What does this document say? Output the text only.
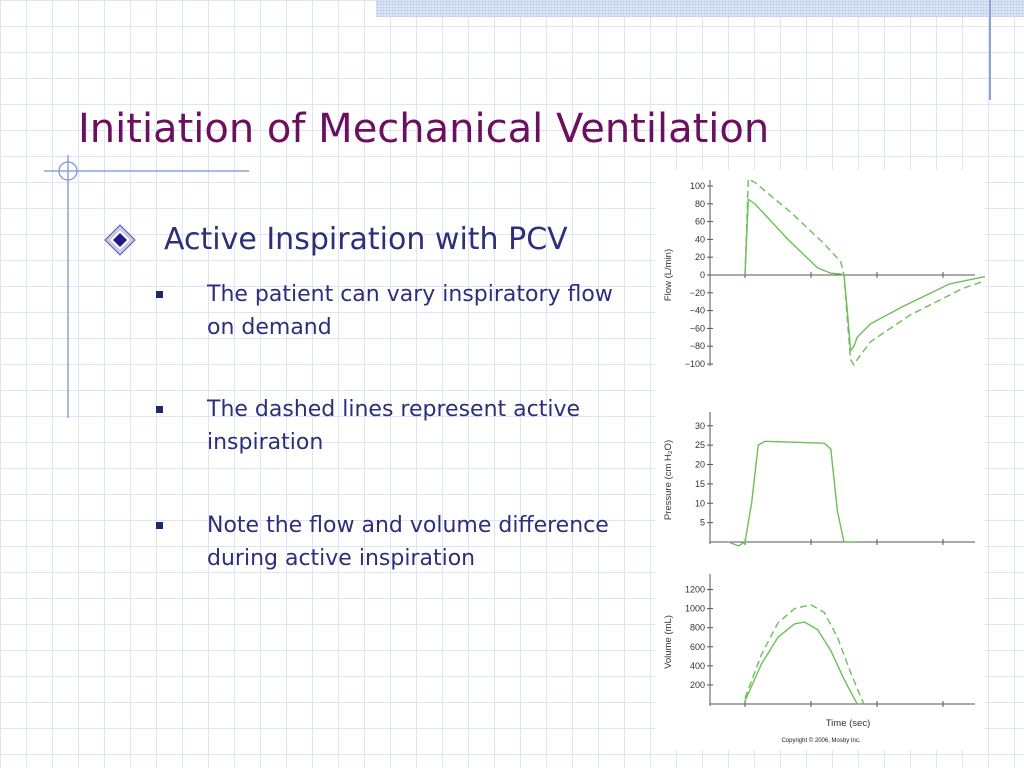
Initiation of Mechanical Ventilation
Active Inspiration with PCV
The patient can vary inspiratory flow on demand
The dashed lines represent active inspiration
Note the flow and volume difference during active inspiration
100
80
60
40
20
0
−20
−40
−60
−80
−100
Flow (L/min)
30
25
20
15
10
5
Pressure (cm H₂O)
1200
1000
800
600
400
200
Volume (mL)
Time (sec)
Copyright © 2006, Mosby Inc.
